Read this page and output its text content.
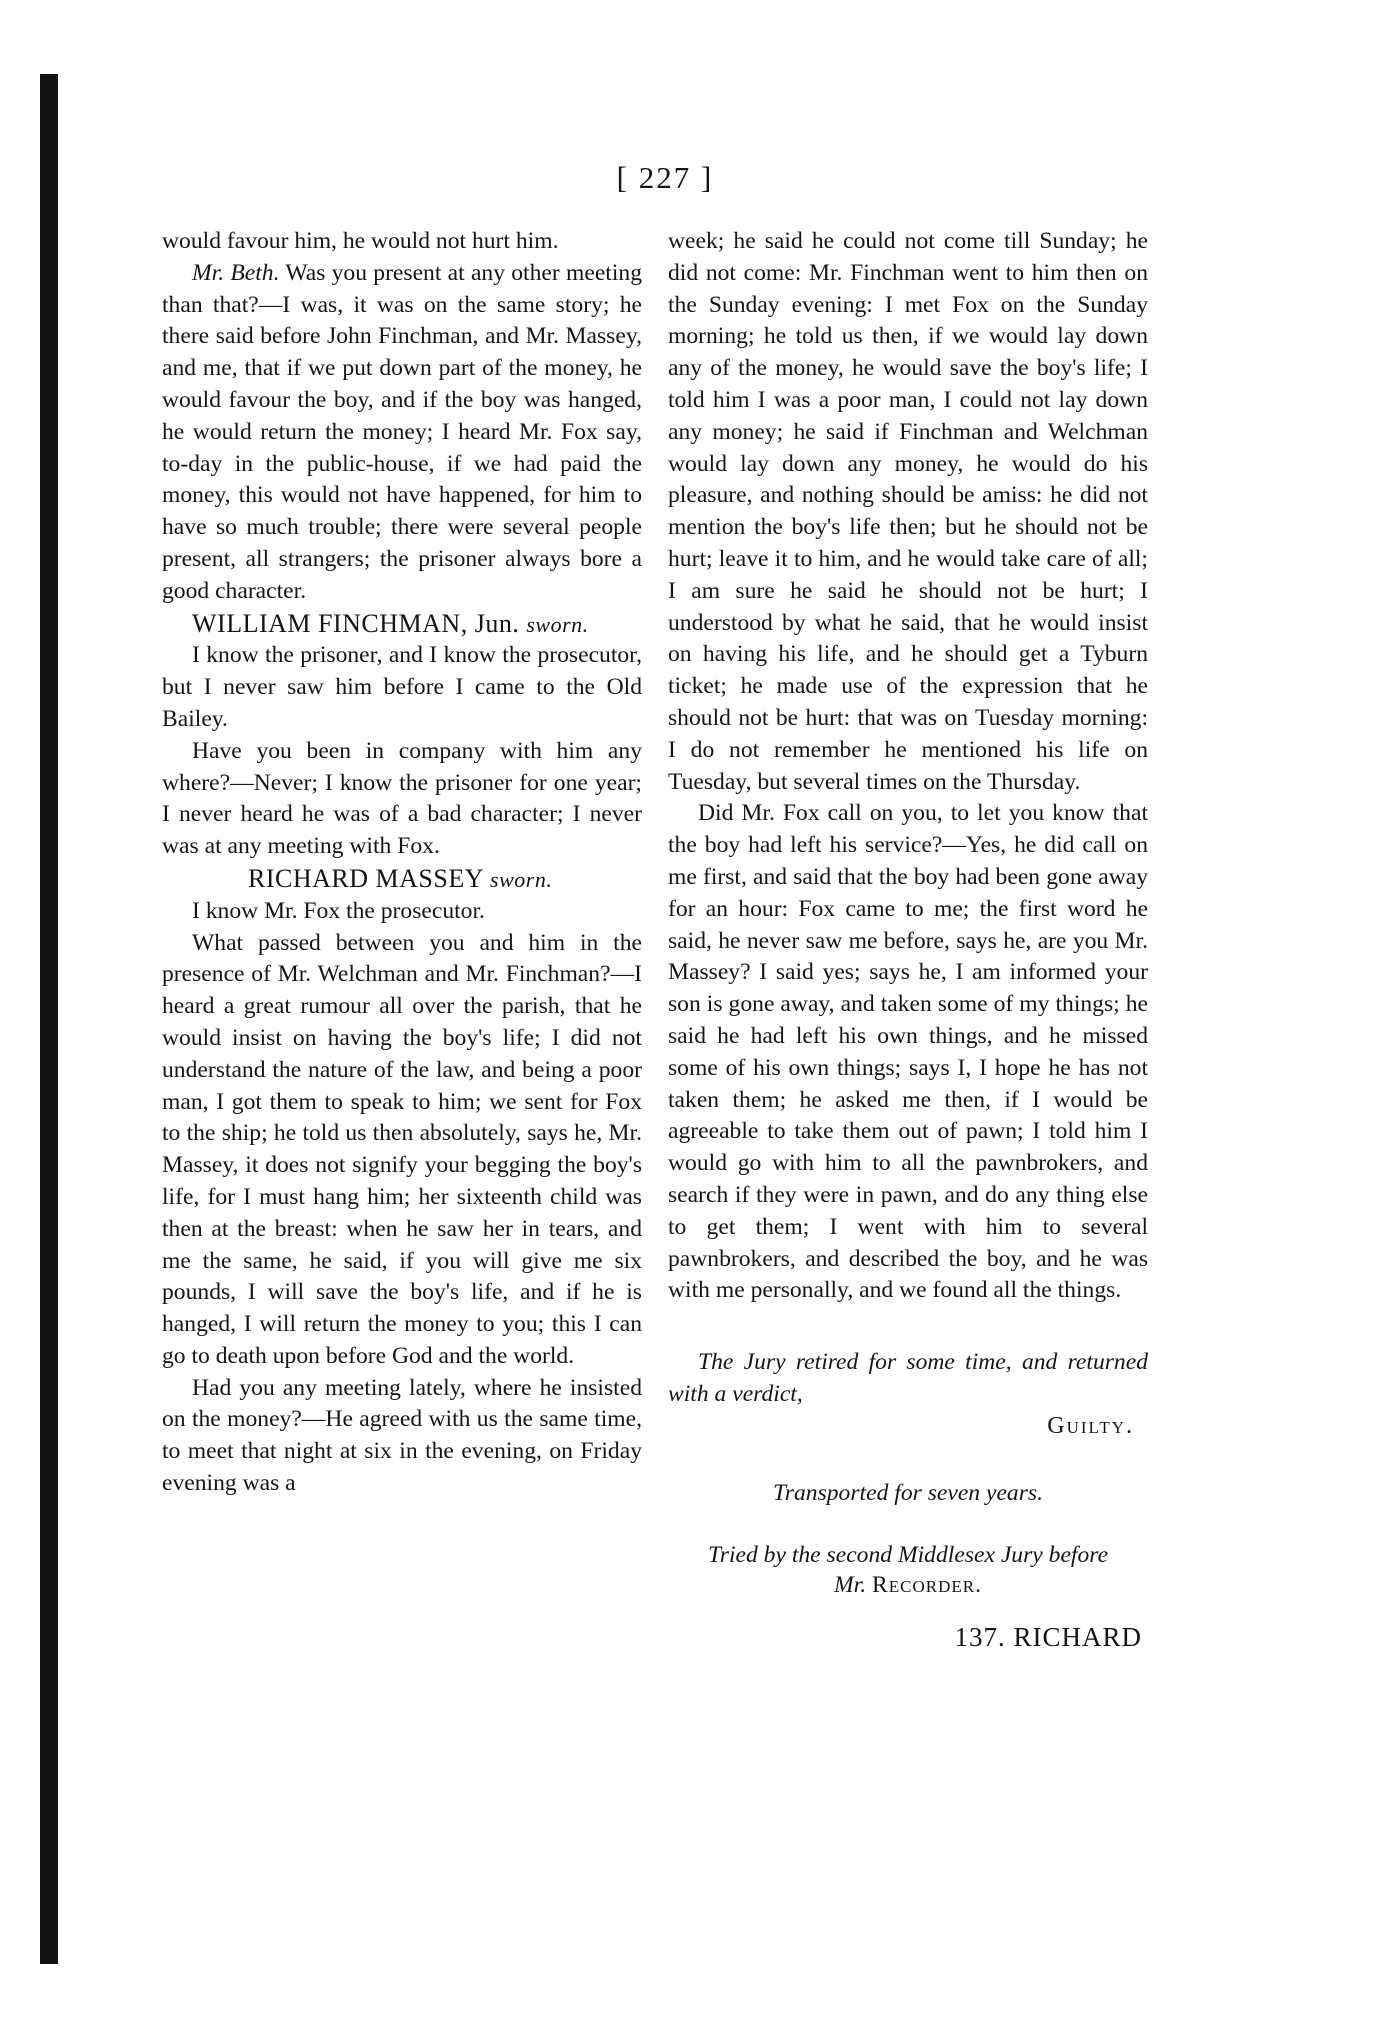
[ 227 ]

would favour him, he would not hurt him.

Mr. Beth. Was you present at any other meeting than that?—I was, it was on the same story; he there said before John Finchman, and Mr. Massey, and me, that if we put down part of the money, he would favour the boy, and if the boy was hanged, he would return the money; I heard Mr. Fox say, to-day in the public-house, if we had paid the money, this would not have happened, for him to have so much trouble; there were several people present, all strangers; the prisoner always bore a good character.

WILLIAM FINCHMAN, Jun. sworn.

I know the prisoner, and I know the prosecutor, but I never saw him before I came to the Old Bailey.

Have you been in company with him any where?—Never; I know the prisoner for one year; I never heard he was of a bad character; I never was at any meeting with Fox.

RICHARD MASSEY sworn.

I know Mr. Fox the prosecutor.

What passed between you and him in the presence of Mr. Welchman and Mr. Finchman?—I heard a great rumour all over the parish, that he would insist on having the boy's life; I did not understand the nature of the law, and being a poor man, I got them to speak to him; we sent for Fox to the ship; he told us then absolutely, says he, Mr. Massey, it does not signify your begging the boy's life, for I must hang him; her sixteenth child was then at the breast: when he saw her in tears, and me the same, he said, if you will give me six pounds, I will save the boy's life, and if he is hanged, I will return the money to you; this I can go to death upon before God and the world.

Had you any meeting lately, where he insisted on the money?—He agreed with us the same time, to meet that night at six in the evening, on Friday evening was a

week; he said he could not come till Sunday; he did not come: Mr. Finchman went to him then on the Sunday evening: I met Fox on the Sunday morning; he told us then, if we would lay down any of the money, he would save the boy's life; I told him I was a poor man, I could not lay down any money; he said if Finchman and Welchman would lay down any money, he would do his pleasure, and nothing should be amiss: he did not mention the boy's life then; but he should not be hurt; leave it to him, and he would take care of all; I am sure he said he should not be hurt; I understood by what he said, that he would insist on having his life, and he should get a Tyburn ticket; he made use of the expression that he should not be hurt: that was on Tuesday morning: I do not remember he mentioned his life on Tuesday, but several times on the Thursday.

Did Mr. Fox call on you, to let you know that the boy had left his service?—Yes, he did call on me first, and said that the boy had been gone away for an hour: Fox came to me; the first word he said, he never saw me before, says he, are you Mr. Massey? I said yes; says he, I am informed your son is gone away, and taken some of my things; he said he had left his own things, and he missed some of his own things; says I, I hope he has not taken them; he asked me then, if I would be agreeable to take them out of pawn; I told him I would go with him to all the pawnbrokers, and search if they were in pawn, and do any thing else to get them; I went with him to several pawnbrokers, and described the boy, and he was with me personally, and we found all the things.

The Jury retired for some time, and returned with a verdict,

Guilty.

Transported for seven years.
Tried by the second Middlesex Jury before
Mr. Recorder.
137. RICHARD
